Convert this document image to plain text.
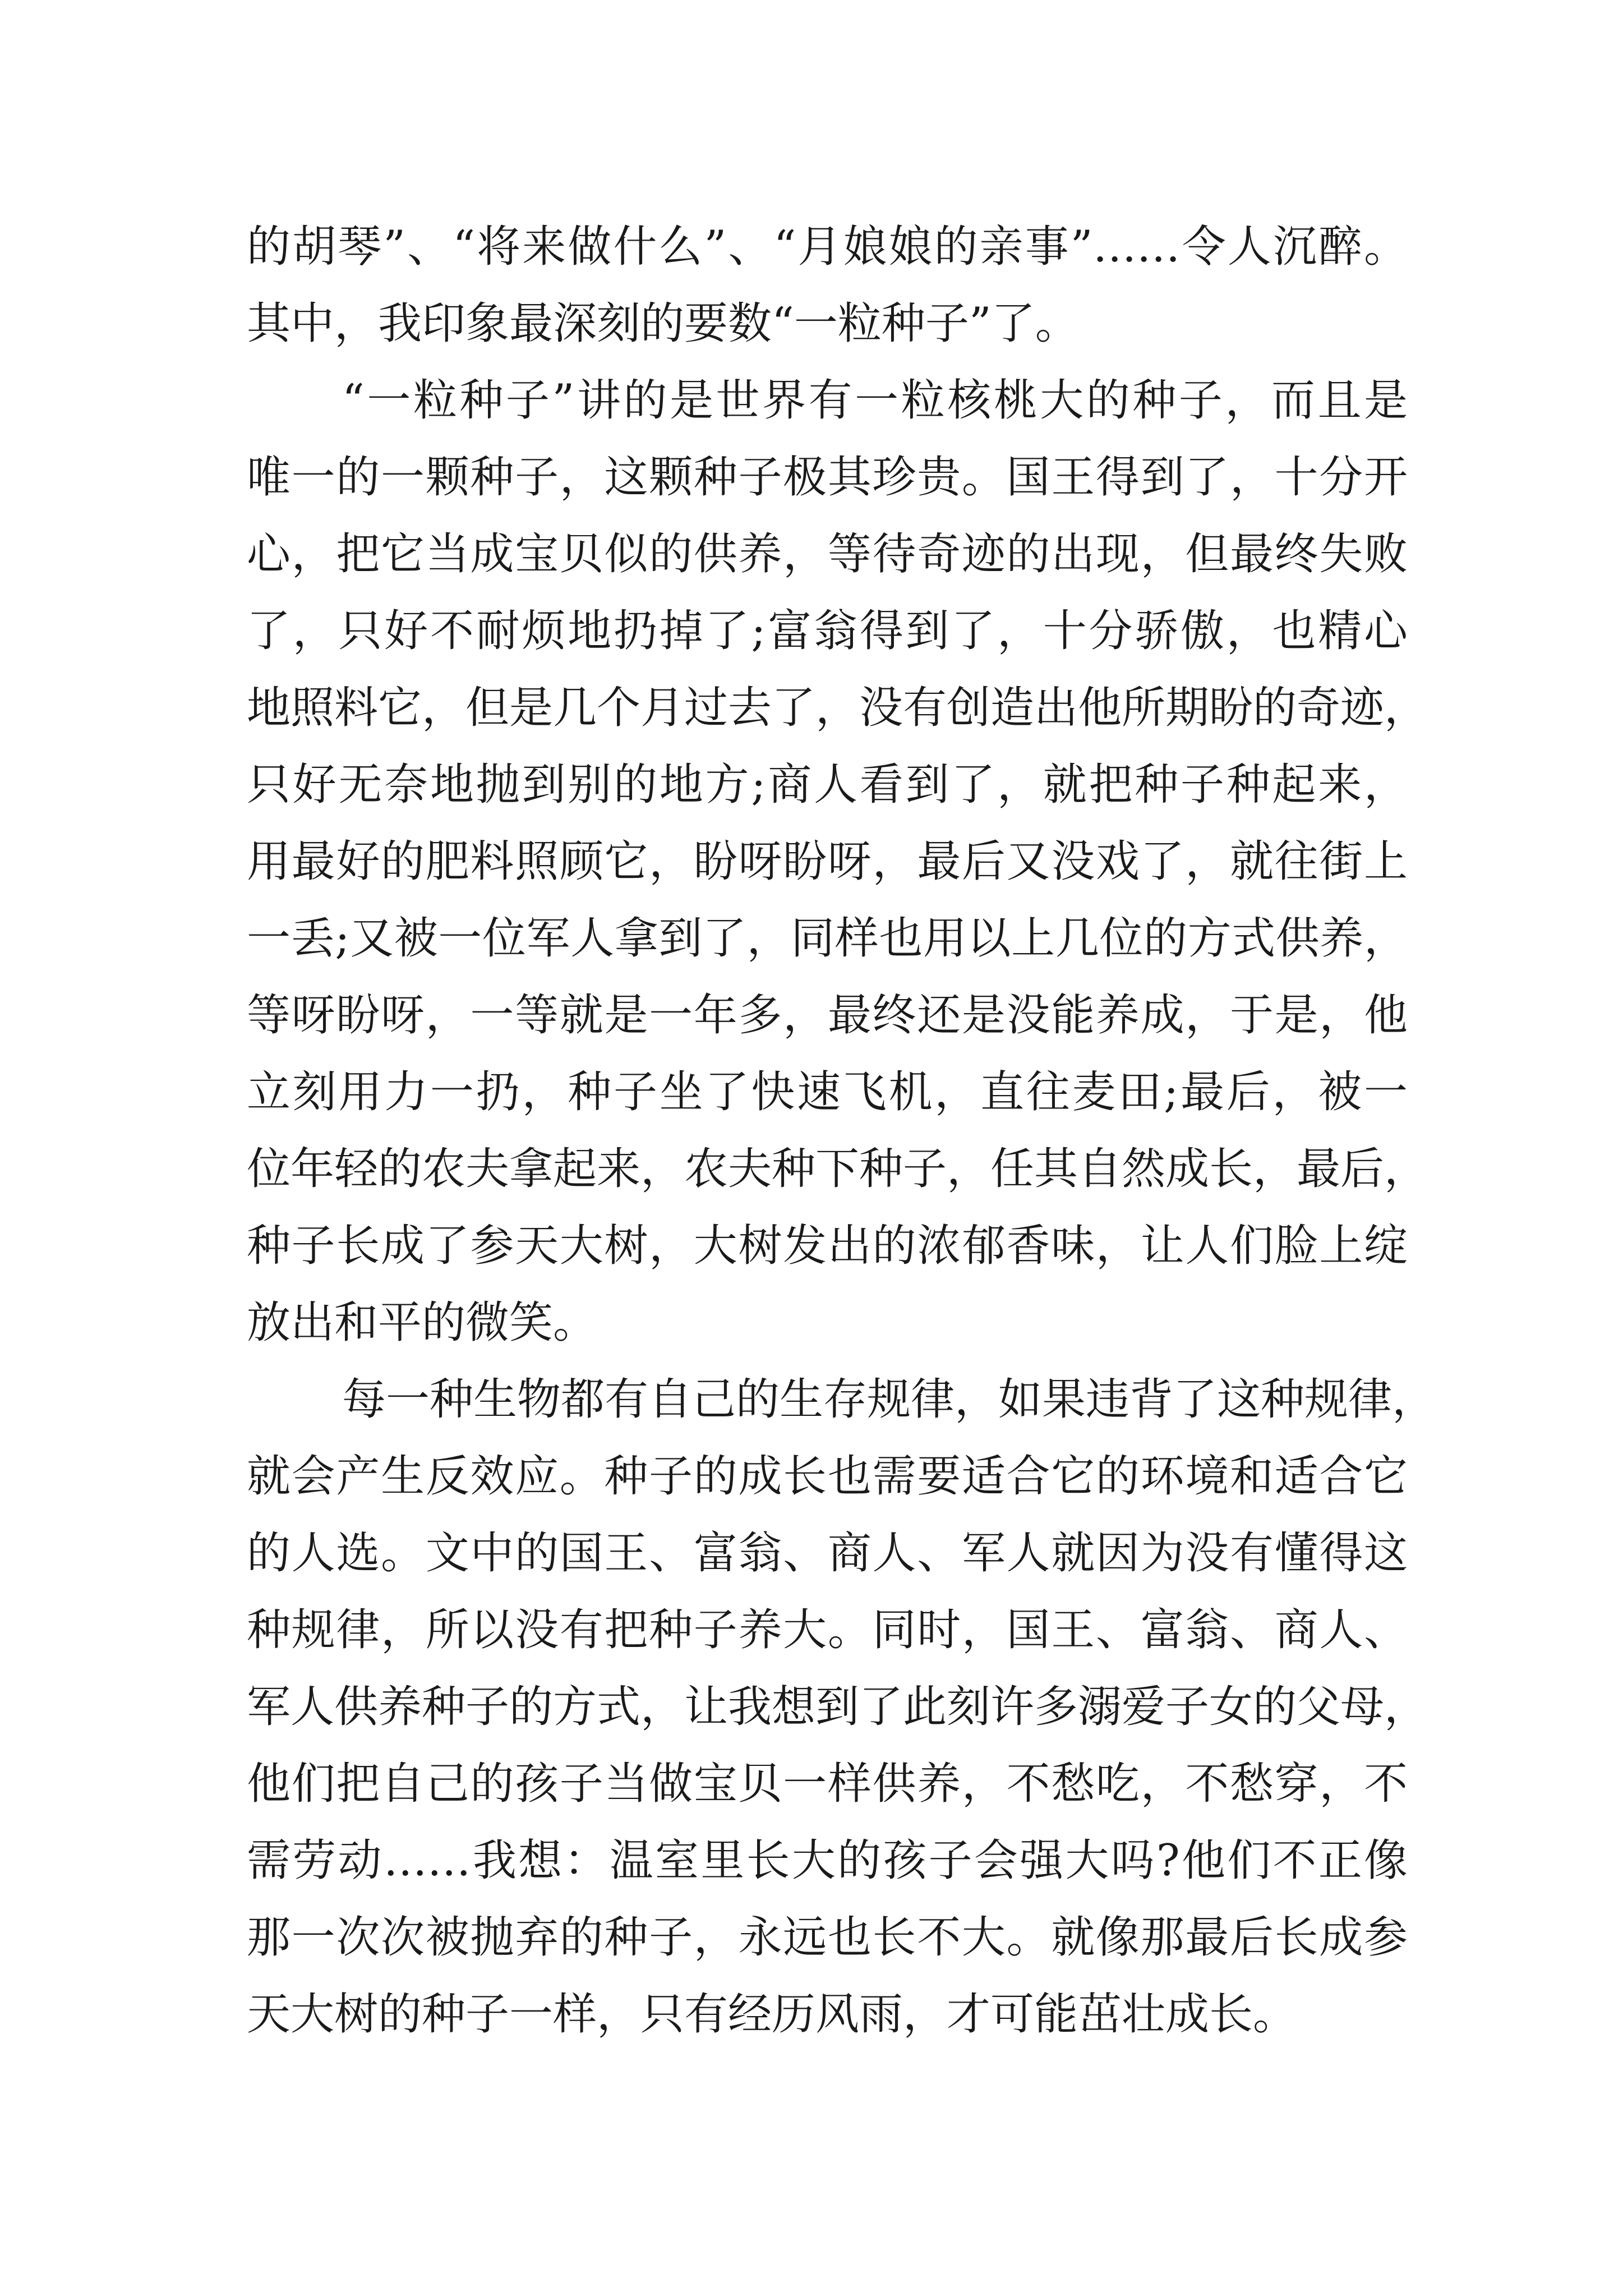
的胡琴”、“将来做什么”、“月娘娘的亲事”……令人沉醉。
其中，我印象最深刻的要数“一粒种子”了。
“一粒种子”讲的是世界有一粒核桃大的种子，而且是
唯一的一颗种子，这颗种子极其珍贵。国王得到了，十分开
心，把它当成宝贝似的供养，等待奇迹的出现，但最终失败
了，只好不耐烦地扔掉了;富翁得到了，十分骄傲，也精心
地照料它，但是几个月过去了，没有创造出他所期盼的奇迹，
只好无奈地抛到别的地方;商人看到了，就把种子种起来，
用最好的肥料照顾它，盼呀盼呀，最后又没戏了，就往街上
一丢;又被一位军人拿到了，同样也用以上几位的方式供养，
等呀盼呀，一等就是一年多，最终还是没能养成，于是，他
立刻用力一扔，种子坐了快速飞机，直往麦田;最后，被一
位年轻的农夫拿起来，农夫种下种子，任其自然成长，最后，
种子长成了参天大树，大树发出的浓郁香味，让人们脸上绽
放出和平的微笑。
每一种生物都有自己的生存规律，如果违背了这种规律，
就会产生反效应。种子的成长也需要适合它的环境和适合它
的人选。文中的国王、富翁、商人、军人就因为没有懂得这
种规律，所以没有把种子养大。同时，国王、富翁、商人、
军人供养种子的方式，让我想到了此刻许多溺爱子女的父母，
他们把自己的孩子当做宝贝一样供养，不愁吃，不愁穿，不
需劳动……我想：温室里长大的孩子会强大吗?他们不正像
那一次次被抛弃的种子，永远也长不大。就像那最后长成参
天大树的种子一样，只有经历风雨，才可能茁壮成长。
